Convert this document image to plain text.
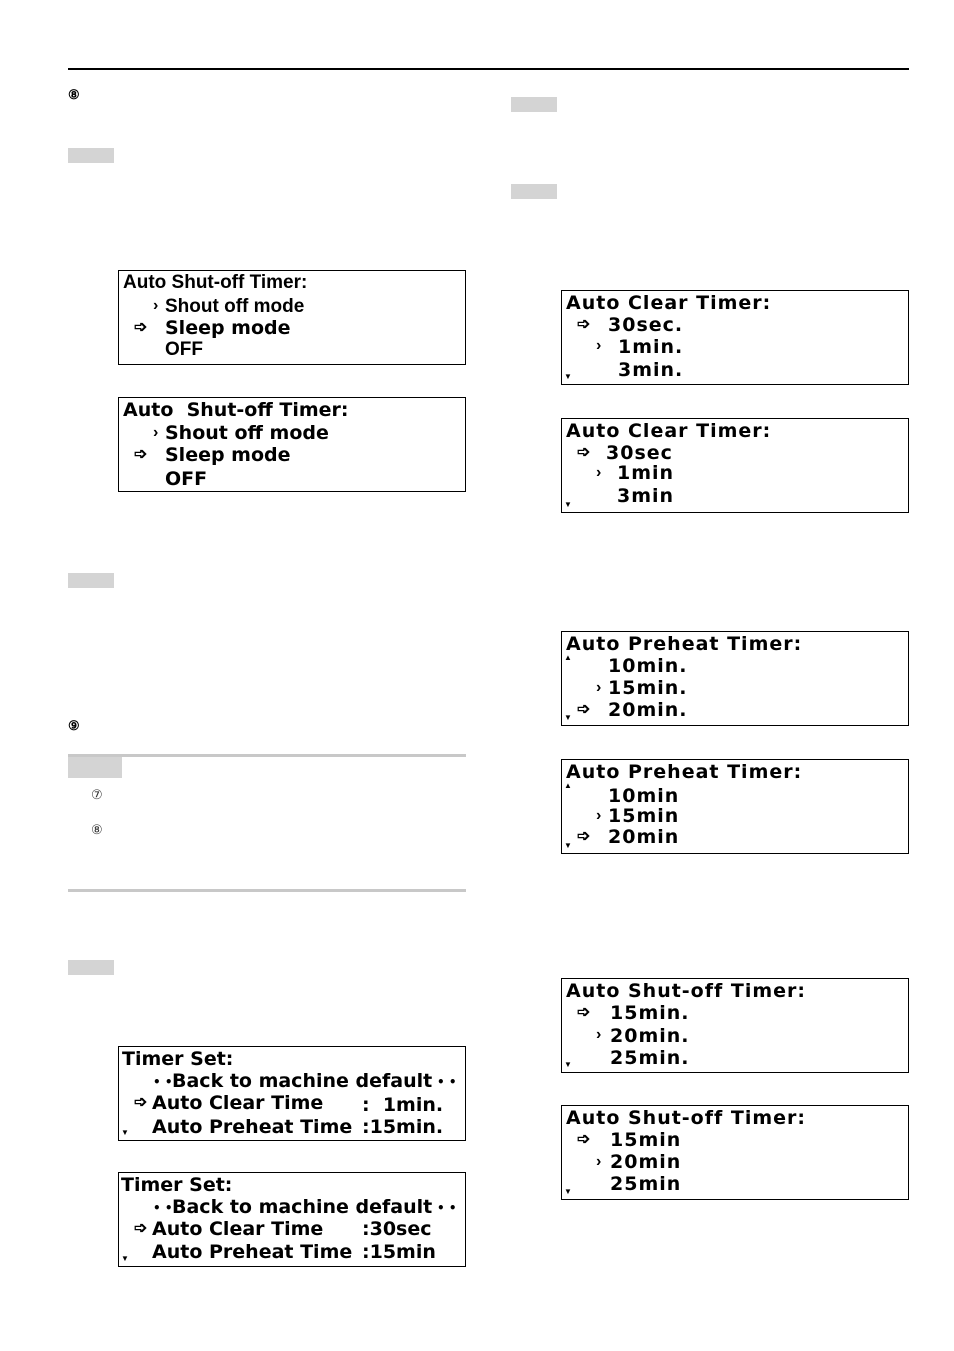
⑧
Auto Shut-off Timer:
› Shout off mode
➩ Sleep mode
OFF
Auto  Shut-off Timer:
› Shout off mode
➩ Sleep mode
OFF
⑨
⑦
⑧
Timer Set:
• • Back to machine default • •
➩ Auto Clear Time :  1min.
▼ Auto Preheat Time :15min.
Timer Set:
• • Back to machine default • •
➩ Auto Clear Time :30sec
▼ Auto Preheat Time :15min
Auto Clear Timer:
➩ 30sec.
› 1min.
▼ 3min.
Auto Clear Timer:
➩ 30sec
› 1min
▼ 3min
Auto Preheat Timer:
▲ 10min.
› 15min.
▼ ➩ 20min.
Auto Preheat Timer:
▲ 10min
› 15min
▼
➩ 20min
Auto Shut-off Timer:
➩ 15min.
› 20min.
▼ 25min.
Auto Shut-off Timer:
➩ 15min
› 20min
▼ 25min
